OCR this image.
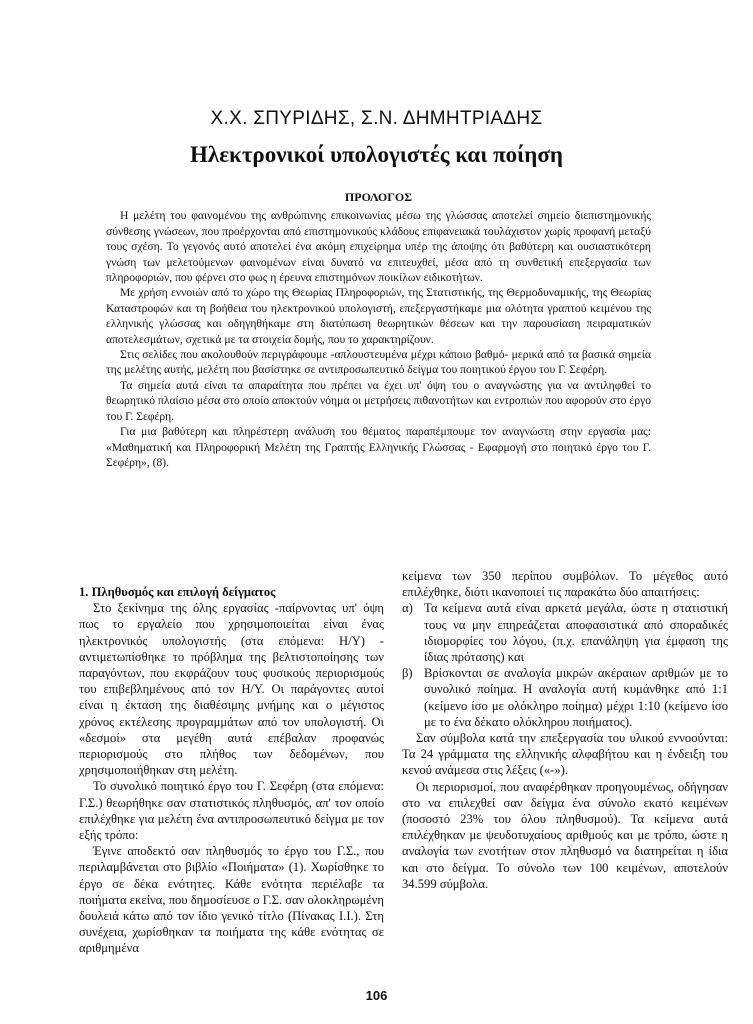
Χ.Χ. ΣΠΥΡΙΔΗΣ, Σ.Ν. ΔΗΜΗΤΡΙΑΔΗΣ
Ηλεκτρονικοί υπολογιστές και ποίηση
ΠΡΟΛΟΓΟΣ

Η μελέτη του φαινομένου της ανθρώπινης επικοινωνίας μέσω της γλώσσας αποτελεί σημείο διεπιστημονικής σύνθεσης γνώσεων, που προέρχονται από επιστημονικούς κλάδους επιφανειακά τουλάχιστον χωρίς προφανή μεταξύ τους σχέση. Το γεγονός αυτό αποτελεί ένα ακόμη επιχείρημα υπέρ της άποψης ότι βαθύτερη και ουσιαστικότερη γνώση των μελετούμενων φαινομένων είναι δυνατό να επιτευχθεί, μέσα από τη συνθετική επεξεργασία των πληροφοριών, που φέρνει στο φως η έρευνα επιστημόνων ποικίλων ειδικοτήτων.

Με χρήση εννοιών από το χώρο της Θεωρίας Πληροφοριών, της Στατιστικής, της Θερμοδυναμικής, της Θεωρίας Καταστροφών και τη βοήθεια του ηλεκτρονικού υπολογιστή, επεξεργαστήκαμε μια ολότητα γραπτού κειμένου της ελληνικής γλώσσας και οδηγηθήκαμε στη διατύπωση θεωρητικών θέσεων και την παρουσίαση πειραματικών αποτελεσμάτων, σχετικά με τα στοιχεία δομής, που το χαρακτηρίζουν.

Στις σελίδες που ακολουθούν περιγράφουμε -απλουστευμένα μέχρι κάποιο βαθμό- μερικά από τα βασικά σημεία της μελέτης αυτής, μελέτη που βασίστηκε σε αντιπροσωπευτικό δείγμα του ποιητικού έργου του Γ. Σεφέρη.

Τα σημεία αυτά είναι τα απαραίτητα που πρέπει να έχει υπ' όψη του ο αναγνώστης για να αντιληφθεί το θεωρητικό πλαίσιο μέσα στο οποίο αποκτούν νόημα οι μετρήσεις πιθανοτήτων και εντροπιών που αφορούν στο έργο του Γ. Σεφέρη.

Για μια βαθύτερη και πληρέστερη ανάλυση του θέματος παραπέμπουμε τον αναγνώστη στην εργασία μας: «Μαθηματική και Πληροφορική Μελέτη της Γραπτής Ελληνικής Γλώσσας - Εφαρμογή στο ποιητικό έργο του Γ. Σεφέρη», (8).

1. Πληθυσμός και επιλογή δείγματος

Στο ξεκίνημα της όλης εργασίας -παίρνοντας υπ' όψη πως το εργαλείο που χρησιμοποιείται είναι ένας ηλεκτρονικός υπολογιστής (στα επόμενα: Η/Υ) - αντιμετωπίσθηκε το πρόβλημα της βελτιστοποίησης των παραγόντων, που εκφράζουν τους φυσικούς περιορισμούς του επιβεβλημένους από τον Η/Υ. Οι παράγοντες αυτοί είναι η έκταση της διαθέσιμης μνήμης και ο μέγιστος χρόνος εκτέλεσης προγραμμάτων από τον υπολογιστή. Οι «δεσμοί» στα μεγέθη αυτά επέβαλαν προφανώς περιορισμούς στο πλήθος των δεδομένων, που χρησιμοποιήθηκαν στη μελέτη.

Το συνολικό ποιητικό έργο του Γ. Σεφέρη (στα επόμενα: Γ.Σ.) θεωρήθηκε σαν στατιστικός πληθυσμός, απ' τον οποίο επιλέχθηκε για μελέτη ένα αντιπροσωπευτικό δείγμα με τον εξής τρόπο:

Έγινε αποδεκτό σαν πληθυσμός το έργο του Γ.Σ., που περιλαμβάνεται στο βιβλίο «Ποιήματα» (1). Χωρίσθηκε το έργο σε δέκα ενότητες. Κάθε ενότητα περιέλαβε τα ποιήματα εκείνα, που δημοσίευσε ο Γ.Σ. σαν ολοκληρωμένη δουλειά κάτω από τον ίδιο γενικό τίτλο (Πίνακας Ι.Ι.). Στη συνέχεια, χωρίσθηκαν τα ποιήματα της κάθε ενότητας σε αριθμημένα

κείμενα των 350 περίπου συμβόλων. Το μέγεθος αυτό επιλέχθηκε, διότι ικανοποιεί τις παρακάτω δύο απαιτήσεις:

α) Τα κείμενα αυτά είναι αρκετά μεγάλα, ώστε η στατιστική τους να μην επηρεάζεται αποφασιστικά από σποραδικές ιδιομορφίες του λόγου, (π.χ. επανάληψη για έμφαση της ίδιας πρότασης) και
β) Βρίσκονται σε αναλογία μικρών ακέραιων αριθμών με το συνολικό ποίημα. Η αναλογία αυτή κυμάνθηκε από 1:1 (κείμενο ίσο με ολόκληρο ποίημα) μέχρι 1:10 (κείμενο ίσο με το ένα δέκατο ολόκληρου ποιήματος).

Σαν σύμβολα κατά την επεξεργασία του υλικού εννοούνται: Τα 24 γράμματα της ελληνικής αλφαβήτου και η ένδειξη του κενού ανάμεσα στις λέξεις («-»).

Οι περιορισμοί, που αναφέρθηκαν προηγουμένως, οδήγησαν στο να επιλεχθεί σαν δείγμα ένα σύνολο εκατό κειμένων (ποσοστό 23% του όλου πληθυσμού). Τα κείμενα αυτά επιλέχθηκαν με ψευδοτυχαίους αριθμούς και με τρόπο, ώστε η αναλογία των ενοτήτων στον πληθυσμό να διατηρείται η ίδια και στο δείγμα. Το σύνολο των 100 κειμένων, αποτελούν 34.599 σύμβολα.

106
